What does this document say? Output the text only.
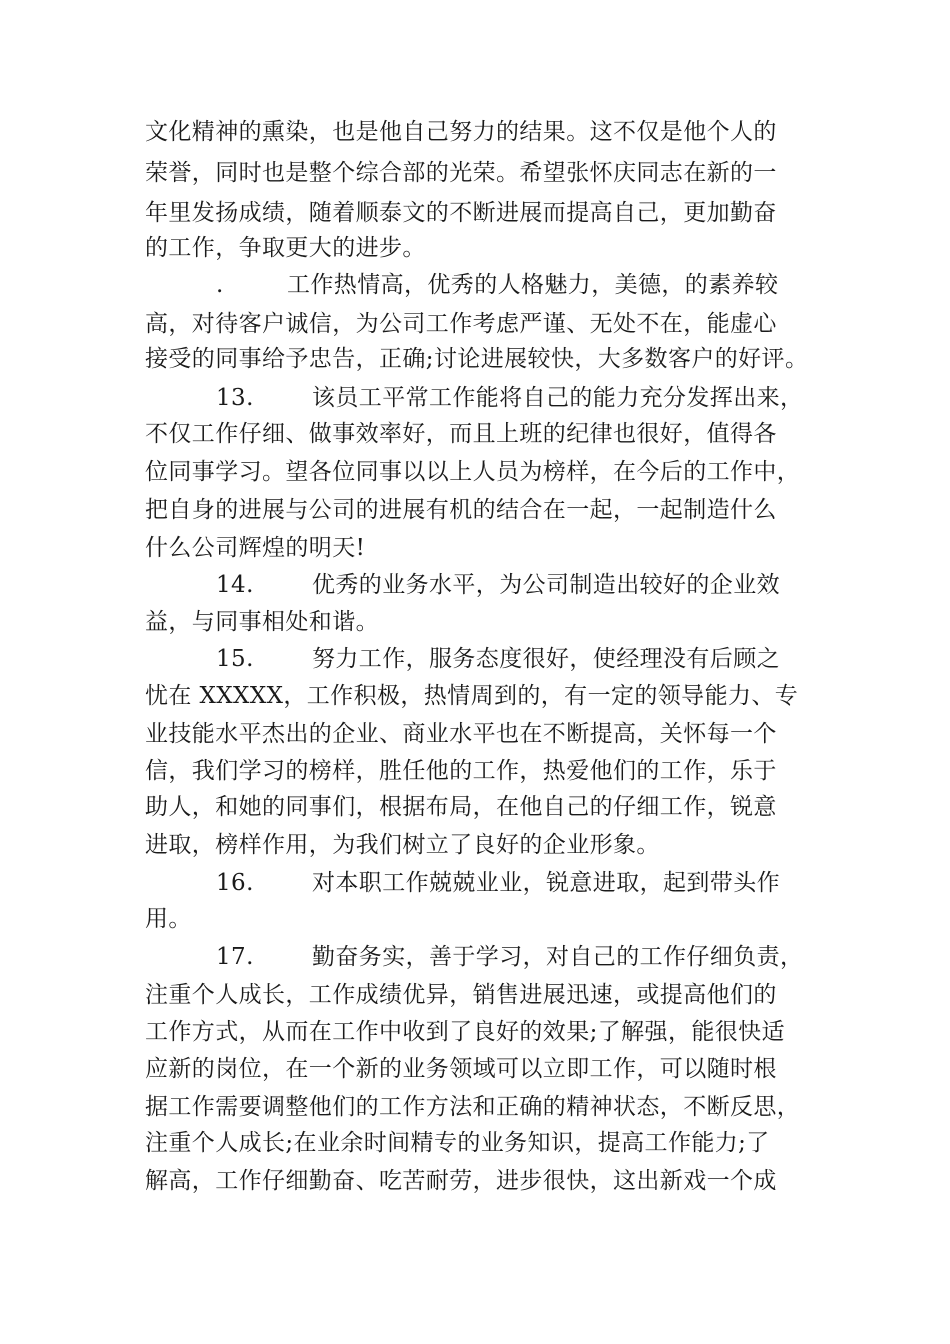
文化精神的熏染，也是他自己努力的结果。这不仅是他个人的
荣誉，同时也是整个综合部的光荣。希望张怀庆同志在新的一
年里发扬成绩，随着顺泰文的不断进展而提高自己，更加勤奋
的工作，争取更大的进步。
.	工作热情高，优秀的人格魅力，美德，的素养较
高，对待客户诚信，为公司工作考虑严谨、无处不在，能虚心
接受的同事给予忠告，正确;讨论进展较快，大多数客户的好评。
13.	该员工平常工作能将自己的能力充分发挥出来，
不仅工作仔细、做事效率好，而且上班的纪律也很好，值得各
位同事学习。望各位同事以以上人员为榜样，在今后的工作中，
把自身的进展与公司的进展有机的结合在一起，一起制造什么
什么公司辉煌的明天!
14.	优秀的业务水平，为公司制造出较好的企业效
益，与同事相处和谐。
15.	努力工作，服务态度很好，使经理没有后顾之
忧在 XXXXX，工作积极，热情周到的，有一定的领导能力、专
业技能水平杰出的企业、商业水平也在不断提高，关怀每一个
信，我们学习的榜样，胜任他的工作，热爱他们的工作，乐于
助人，和她的同事们，根据布局，在他自己的仔细工作，锐意
进取，榜样作用，为我们树立了良好的企业形象。
16.	对本职工作兢兢业业，锐意进取，起到带头作
用。
17.	勤奋务实，善于学习，对自己的工作仔细负责，
注重个人成长，工作成绩优异，销售进展迅速，或提高他们的
工作方式，从而在工作中收到了良好的效果;了解强，能很快适
应新的岗位，在一个新的业务领域可以立即工作，可以随时根
据工作需要调整他们的工作方法和正确的精神状态，不断反思，
注重个人成长;在业余时间精专的业务知识，提高工作能力;了
解高，工作仔细勤奋、吃苦耐劳，进步很快，这出新戏一个成
